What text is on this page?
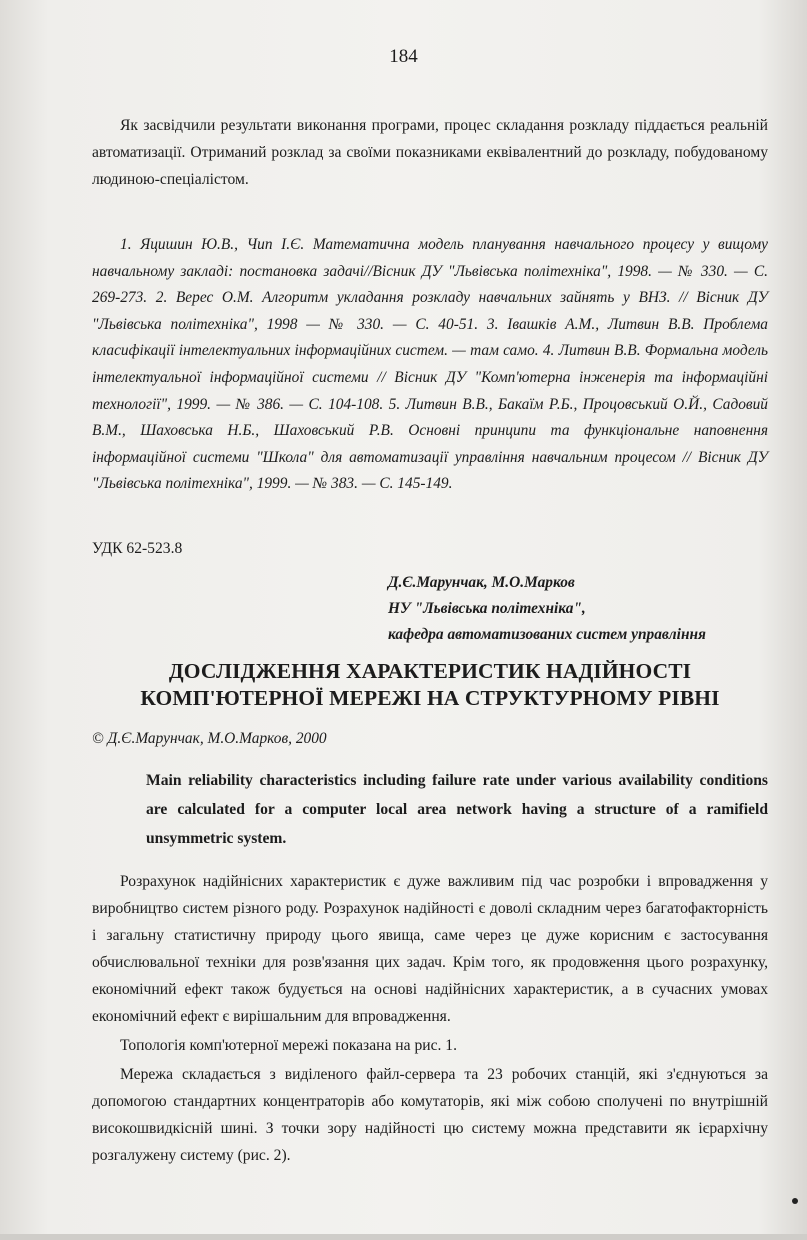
184

Як засвідчили результати виконання програми, процес складання розкладу піддається реальній автоматизації. Отриманий розклад за своїми показниками еквівалентний до розкладу, побудованому людиною-спеціалістом.

1. Яцишин Ю.В., Чип І.Є. Математична модель планування навчального процесу у вищому навчальному закладі: постановка задачі//Вісник ДУ "Львівська політехніка", 1998. — № 330. — С. 269-273. 2. Верес О.М. Алгоритм укладання розкладу навчальних зайнять у ВНЗ. // Вісник ДУ "Львівська політехніка", 1998 — № 330. — С. 40-51. 3. Івашків А.М., Литвин В.В. Проблема класифікації інтелектуальних інформаційних систем. — там само. 4. Литвин В.В. Формальна модель інтелектуальної інформаційної системи // Вісник ДУ "Комп'ютерна інженерія та інформаційні технології", 1999. — № 386. — С. 104-108. 5. Литвин В.В., Бакаїм Р.Б., Процовський О.Й., Садовий В.М., Шаховська Н.Б., Шаховський Р.В. Основні принципи та функціональне наповнення інформаційної системи "Школа" для автоматизації управління навчальним процесом // Вісник ДУ "Львівська політехніка", 1999. — № 383. — С. 145-149.

УДК 62-523.8
Д.Є.Марунчак, М.О.Марков
НУ "Львівська політехніка",
кафедра автоматизованих систем управління
ДОСЛІДЖЕННЯ ХАРАКТЕРИСТИК НАДІЙНОСТІ
КОМП'ЮТЕРНОЇ МЕРЕЖІ НА СТРУКТУРНОМУ РІВНІ
© Д.Є.Марунчак, М.О.Марков, 2000

Main reliability characteristics including failure rate under various availability conditions are calculated for a computer local area network having a structure of a ramifield unsymmetric system.

Розрахунок надійнісних характеристик є дуже важливим під час розробки і впровадження у виробництво систем різного роду. Розрахунок надійності є доволі складним через багатофакторність і загальну статистичну природу цього явища, саме через це дуже корисним є застосування обчислювальної техніки для розв'язання цих задач. Крім того, як продовження цього розрахунку, економічний ефект також будується на основі надійнісних характеристик, а в сучасних умовах економічний ефект є вирішальним для впровадження.

Топологія комп'ютерної мережі показана на рис. 1.

Мережа складається з виділеного файл-сервера та 23 робочих станцій, які з'єднуються за допомогою стандартних концентраторів або комутаторів, які між собою сполучені по внутрішній високошвидкісній шині. З точки зору надійності цю систему можна представити як ієрархічну розгалужену систему (рис. 2).
